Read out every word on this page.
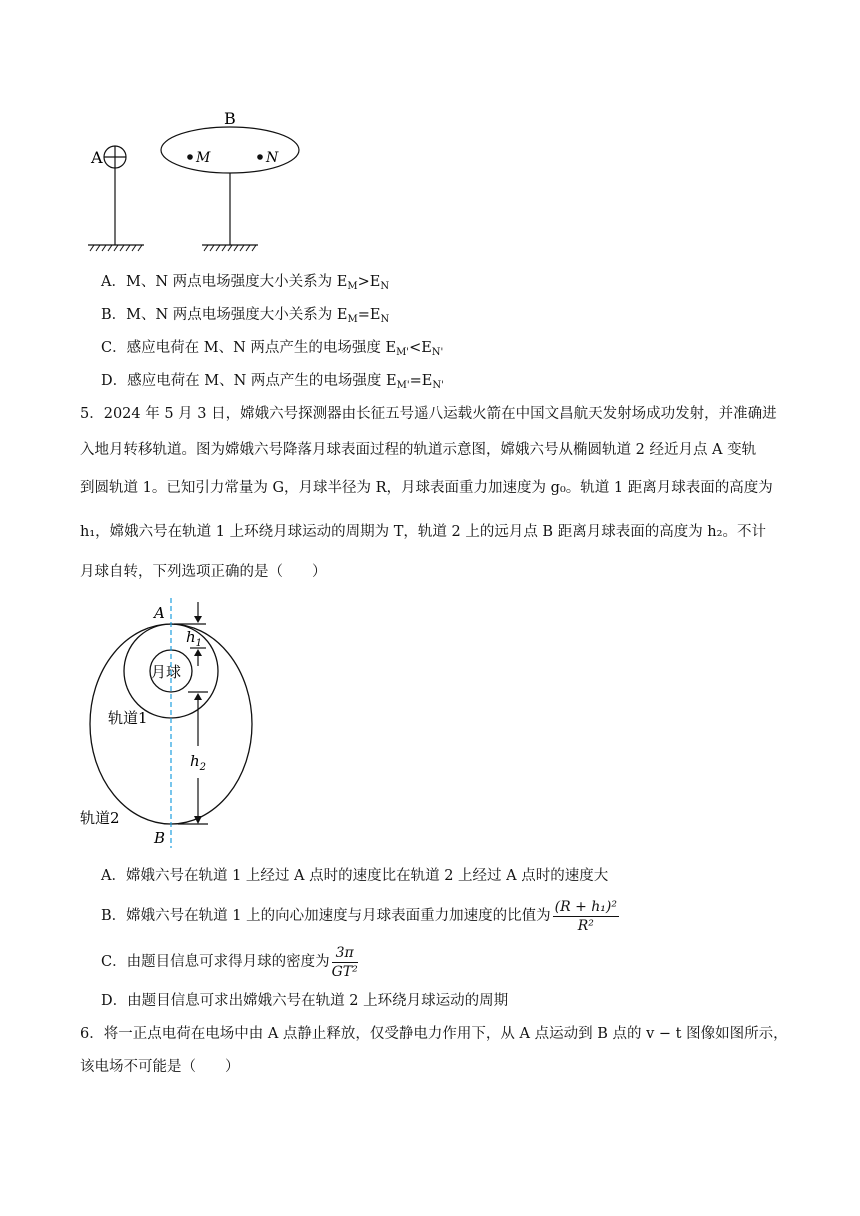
A
B
M	N
A．M、N 两点电场强度大小关系为 $E_M>E_N$
B．M、N 两点电场强度大小关系为 $E_M=E_N$
C．感应电荷在 M、N 两点产生的电场强度 $E_{M'}<E_{N'}$
D．感应电荷在 M、N 两点产生的电场强度 $E_{M'}=E_{N'}$
5．2024 年 5 月 3 日，嫦娥六号探测器由长征五号遥八运载火箭在中国文昌航天发射场成功发射，并准确进
入地月转移轨道。图为嫦娥六号降落月球表面过程的轨道示意图，嫦娥六号从椭圆轨道 2 经近月点 A 变轨
到圆轨道 1。已知引力常量为 G，月球半径为 R，月球表面重力加速度为 g₀。轨道 1 距离月球表面的高度为
h₁，嫦娥六号在轨道 1 上环绕月球运动的周期为 T，轨道 2 上的远月点 B 距离月球表面的高度为 h₂。不计
月球自转，下列选项正确的是（　　）
月球
A
B
$h_1$
$h_2$
轨道1
轨道2
A．嫦娥六号在轨道 1 上经过 A 点时的速度比在轨道 2 上经过 A 点时的速度大
B．嫦娥六号在轨道 1 上的向心加速度与月球表面重力加速度的比值为 $\frac{\text{(R + h₁)²}}{\text{R²}}$
C．由题目信息可求得月球的密度为 $\frac{3\pi}{\text{GT²}}$
D．由题目信息可求出嫦娥六号在轨道 2 上环绕月球运动的周期
6．将一正点电荷在电场中由 A 点静止释放，仅受静电力作用下，从 A 点运动到 B 点的 v − t 图像如图所示，
该电场不可能是（　　）
